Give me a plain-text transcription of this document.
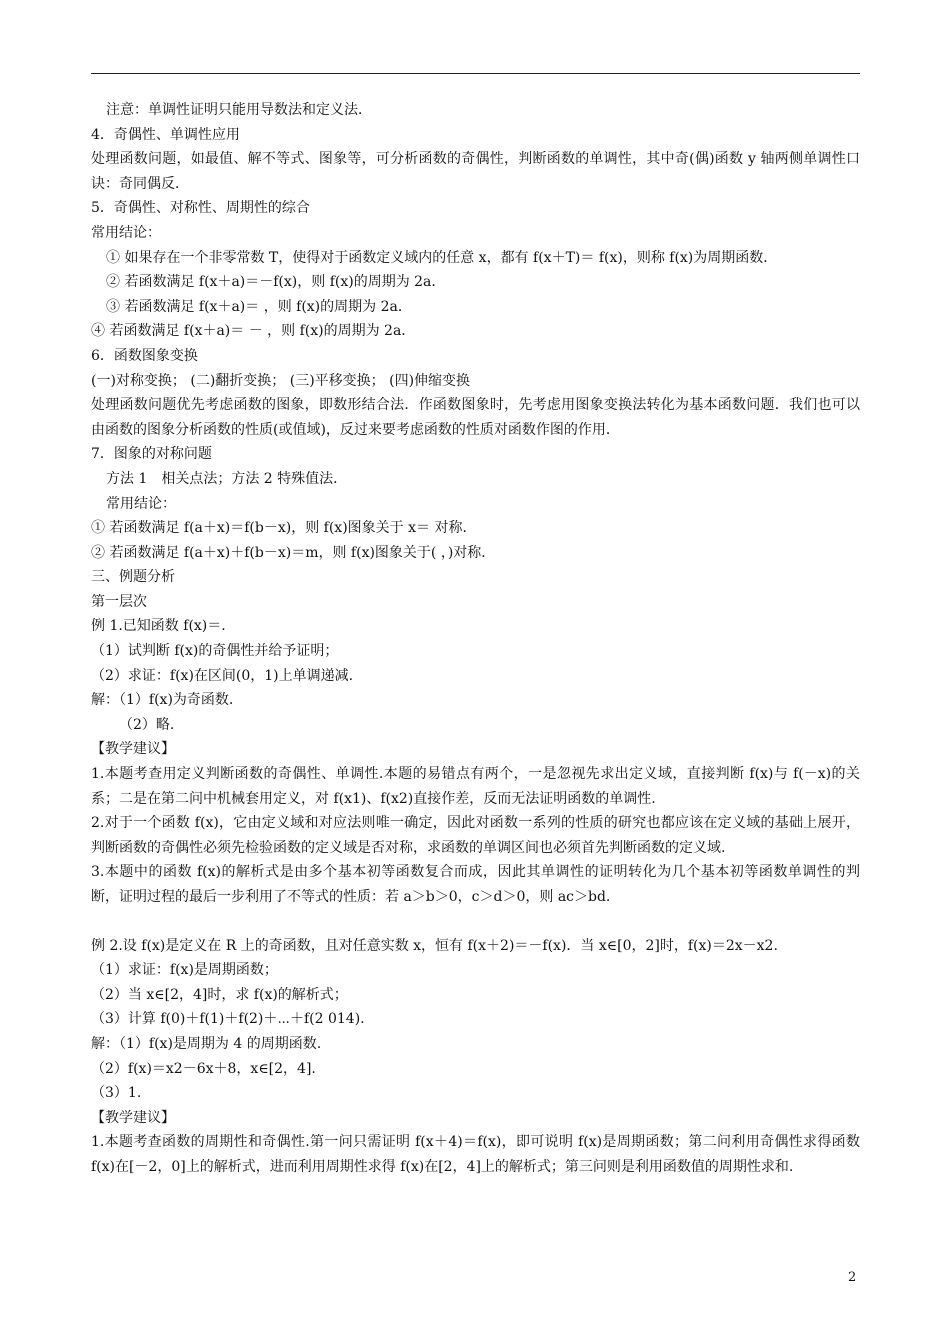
注意：单调性证明只能用导数法和定义法．

4．奇偶性、单调性应用

处理函数问题，如最值、解不等式、图象等，可分析函数的奇偶性，判断函数的单调性，其中奇(偶)函数 y 轴两侧单调性口诀：奇同偶反．

5．奇偶性、对称性、周期性的综合

常用结论：

① 如果存在一个非零常数 T，使得对于函数定义域内的任意 x，都有 f(x＋T)＝ f(x)，则称 f(x)为周期函数．

② 若函数满足 f(x＋a)＝－f(x)，则 f(x)的周期为 2a．

③ 若函数满足 f(x＋a)＝ ，则 f(x)的周期为 2a．

④ 若函数满足 f(x＋a)＝ － ，则 f(x)的周期为 2a．

6．函数图象变换

(一)对称变换； (二)翻折变换； (三)平移变换； (四)伸缩变换

处理函数问题优先考虑函数的图象，即数形结合法．作函数图象时，先考虑用图象变换法转化为基本函数问题．我们也可以由函数的图象分析函数的性质(或值域)，反过来要考虑函数的性质对函数作图的作用．

7．图象的对称问题

方法 1　相关点法；方法 2 特殊值法．

常用结论：

① 若函数满足 f(a＋x)＝f(b－x)，则 f(x)图象关于 x＝ 对称．

② 若函数满足 f(a＋x)＋f(b－x)＝m，则 f(x)图象关于( ，)对称．

三、例题分析

第一层次

例 1.已知函数 f(x)＝.

（1）试判断 f(x)的奇偶性并给予证明；

（2）求证：f(x)在区间(0，1)上单调递减.

解：（1）f(x)为奇函数.

（2）略.

【教学建议】

1.本题考查用定义判断函数的奇偶性、单调性.本题的易错点有两个，一是忽视先求出定义域，直接判断 f(x)与 f(－x)的关系；二是在第二问中机械套用定义，对 f(x1)、f(x2)直接作差，反而无法证明函数的单调性.

2.对于一个函数 f(x)，它由定义域和对应法则唯一确定，因此对函数一系列的性质的研究也都应该在定义域的基础上展开，判断函数的奇偶性必须先检验函数的定义域是否对称，求函数的单调区间也必须首先判断函数的定义域.

3.本题中的函数 f(x)的解析式是由多个基本初等函数复合而成，因此其单调性的证明转化为几个基本初等函数单调性的判断，证明过程的最后一步利用了不等式的性质：若 a＞b＞0，c＞d＞0，则 ac＞bd.

例 2.设 f(x)是定义在 R 上的奇函数，且对任意实数 x，恒有 f(x＋2)＝－f(x)．当 x∈[0，2]时，f(x)＝2x－x2.

（1）求证：f(x)是周期函数；

（2）当 x∈[2，4]时，求 f(x)的解析式；

（3）计算 f(0)＋f(1)＋f(2)＋⋯＋f(2 014).

解：（1）f(x)是周期为 4 的周期函数.

（2）f(x)＝x2－6x＋8，x∈[2，4].

（3）1.

【教学建议】

1.本题考查函数的周期性和奇偶性.第一问只需证明 f(x＋4)＝f(x)，即可说明 f(x)是周期函数；第二问利用奇偶性求得函数 f(x)在[－2，0]上的解析式，进而利用周期性求得 f(x)在[2，4]上的解析式；第三问则是利用函数值的周期性求和.

2
